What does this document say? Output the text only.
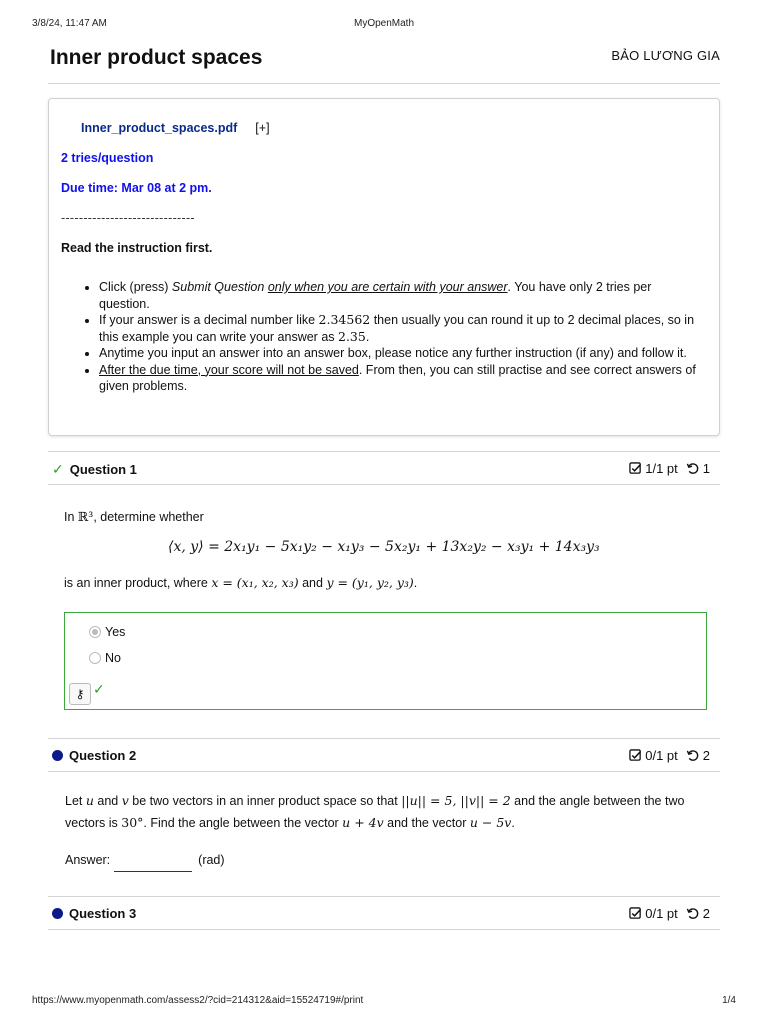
3/8/24, 11:47 AM	MyOpenMath
Inner product spaces	BẢO LƯƠNG GIA
Inner_product_spaces.pdf [+]
2 tries/question
Due time: Mar 08 at 2 pm.
------------------------------
Read the instruction first.
• Click (press) Submit Question only when you are certain with your answer. You have only 2 tries per question.
• If your answer is a decimal number like 2.34562 then usually you can round it up to 2 decimal places, so in this example you can write your answer as 2.35.
• Anytime you input an answer into an answer box, please notice any further instruction (if any) and follow it.
• After the due time, your score will not be saved. From then, you can still practise and see correct answers of given problems.
✓ Question 1	1/1 pt 1
In ℝ³, determine whether
⟨x, y⟩ = 2x₁y₁ − 5x₁y₂ − x₁y₃ − 5x₂y₁ + 13x₂y₂ − x₃y₁ + 14x₃y₃
is an inner product, where x = (x₁, x₂, x₃) and y = (y₁, y₂, y₃).
Yes
No
⚷ ✓
Question 2	0/1 pt 2
Let u and v be two vectors in an inner product space so that ||u|| = 5, ||v|| = 2 and the angle between the two vectors is 30°. Find the angle between the vector u + 4v and the vector u − 5v.
Answer:	(rad)
Question 3	0/1 pt 2
https://www.myopenmath.com/assess2/?cid=214312&aid=15524719#/print	1/4
